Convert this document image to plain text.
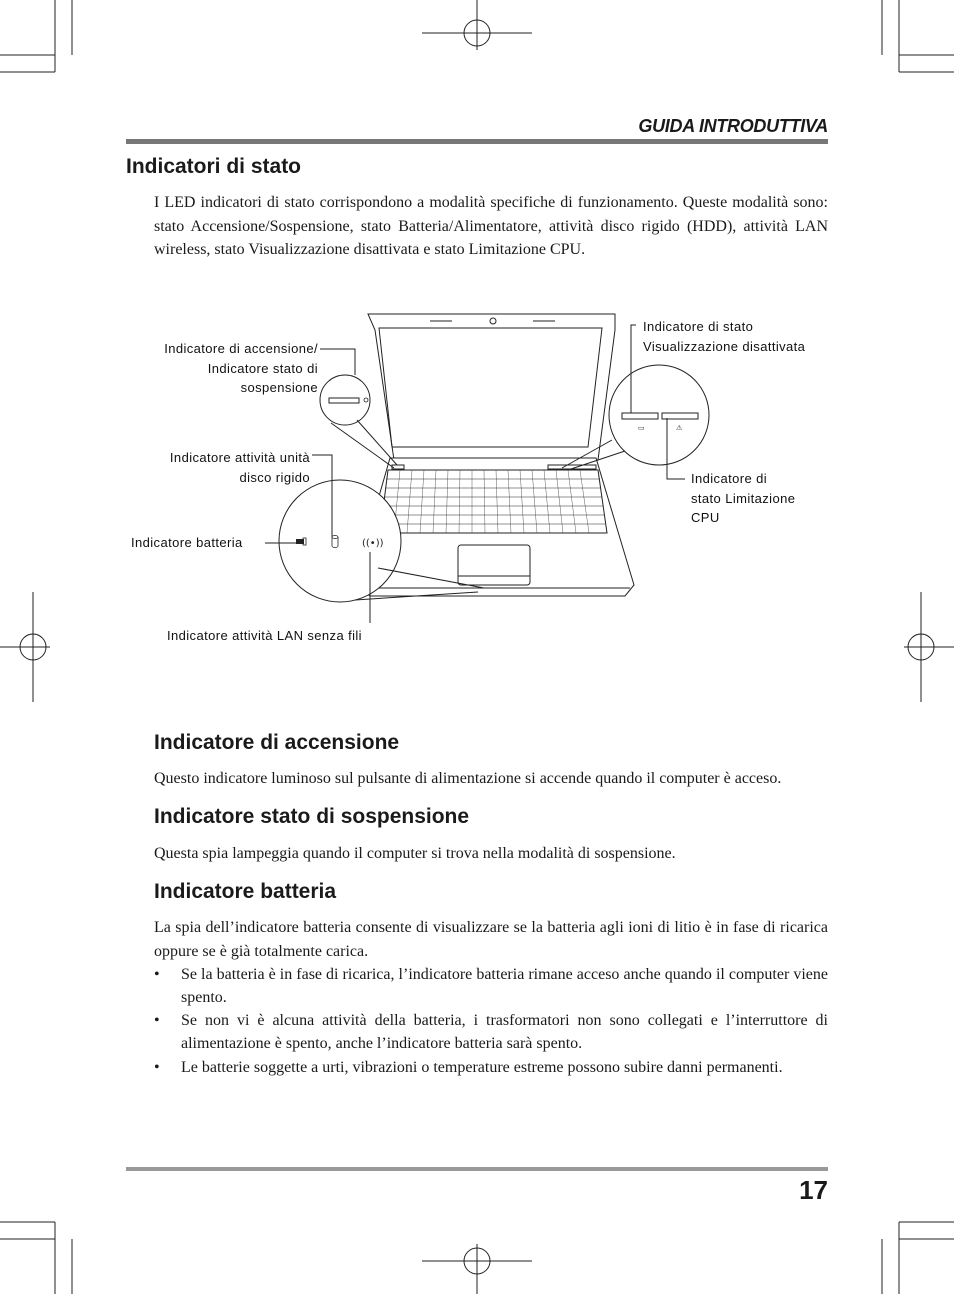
GUIDA INTRODUTTIVA
Indicatori di stato
I LED indicatori di stato corrispondono a modalità specifiche di funzionamento. Queste modalità sono: stato Accensione/Sospensione, stato Batteria/Alimentatore, attività disco rigido (HDD), attività LAN wireless, stato Visualizzazione disattivata e stato Limitazione CPU.
▭	⚠
((•))
Indicatore di accensione/
Indicatore stato di
sospensione
Indicatore attività unità
disco rigido
Indicatore batteria
Indicatore attività LAN senza fili
Indicatore di stato
Visualizzazione disattivata
Indicatore di
stato Limitazione
CPU
Indicatore di accensione
Questo indicatore luminoso sul pulsante di alimentazione si accende quando il computer è acceso.
Indicatore stato di sospensione
Questa spia lampeggia quando il computer si trova nella modalità di sospensione.
Indicatore batteria
La spia dell’indicatore batteria consente di visualizzare se la batteria agli ioni di litio è in fase di ricarica oppure se è già totalmente carica.
•	Se la batteria è in fase di ricarica, l’indicatore batteria rimane acceso anche quando il computer viene spento.
•	Se non vi è alcuna attività della batteria, i trasformatori non sono collegati e l’interruttore di alimentazione è spento, anche l’indicatore batteria sarà spento.
•	Le batterie soggette a urti, vibrazioni o temperature estreme possono subire danni permanenti.
17
